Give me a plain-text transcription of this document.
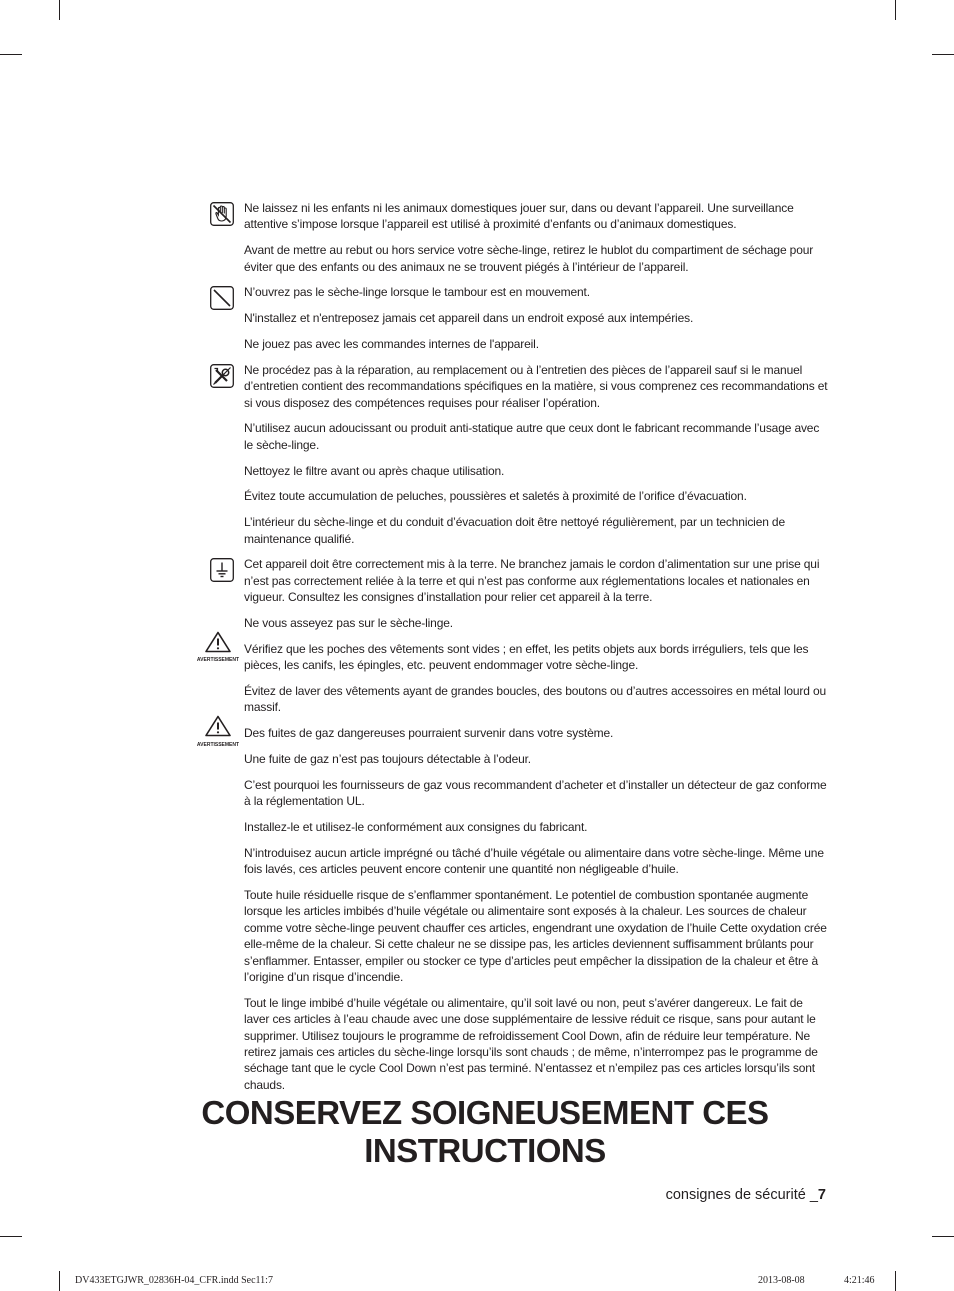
Ne laissez ni les enfants ni les animaux domestiques jouer sur, dans ou devant l’appareil. Une surveillance attentive s’impose lorsque l’appareil est utilisé à proximité d’enfants ou d’animaux domestiques.
Avant de mettre au rebut ou hors service votre sèche-linge, retirez le hublot du compartiment de séchage pour éviter que des enfants ou des animaux ne se trouvent piégés à l’intérieur de l’appareil.
N’ouvrez pas le sèche-linge lorsque le tambour est en mouvement.
N'installez et n'entreposez jamais cet appareil dans un endroit exposé aux intempéries.
Ne jouez pas avec les commandes internes de l'appareil.
Ne procédez pas à la réparation, au remplacement ou à l’entretien des pièces de l’appareil sauf si le manuel d’entretien contient des recommandations spécifiques en la matière, si vous comprenez ces recommandations et si vous disposez des compétences requises pour réaliser l’opération.
N’utilisez aucun adoucissant ou produit anti-statique autre que ceux dont le fabricant recommande l’usage avec le sèche-linge.
Nettoyez le filtre avant ou après chaque utilisation.
Évitez toute accumulation de peluches, poussières et saletés à proximité de l’orifice d’évacuation.
L’intérieur du sèche-linge et du conduit d’évacuation doit être nettoyé régulièrement, par un technicien de maintenance qualifié.
Cet appareil doit être correctement mis à la terre. Ne branchez jamais le cordon d’alimentation sur une prise qui n’est pas correctement reliée à la terre et qui n’est pas conforme aux réglementations locales et nationales en vigueur. Consultez les consignes d’installation pour relier cet appareil à la terre.
Ne vous asseyez pas sur le sèche-linge.
AVERTISSEMENT
Vérifiez que les poches des vêtements sont vides ; en effet, les petits objets aux bords irréguliers, tels que les pièces, les canifs, les épingles, etc. peuvent endommager votre sèche-linge.
Évitez de laver des vêtements ayant de grandes boucles, des boutons ou d’autres accessoires en métal lourd ou massif.
AVERTISSEMENT
Des fuites de gaz dangereuses pourraient survenir dans votre système.
Une fuite de gaz n’est pas toujours détectable à l’odeur.
C’est pourquoi les fournisseurs de gaz vous recommandent d’acheter et d’installer un détecteur de gaz conforme à la réglementation UL.
Installez-le et utilisez-le conformément aux consignes du fabricant.
N’introduisez aucun article imprégné ou tâché d’huile végétale ou alimentaire dans votre sèche-linge. Même une fois lavés, ces articles peuvent encore contenir une quantité non négligeable d’huile.
Toute huile résiduelle risque de s’enflammer spontanément. Le potentiel de combustion spontanée augmente lorsque les articles imbibés d’huile végétale ou alimentaire sont exposés à la chaleur. Les sources de chaleur comme votre sèche-linge peuvent chauffer ces articles, engendrant une oxydation de l’huile Cette oxydation crée elle-même de la chaleur. Si cette chaleur ne se dissipe pas, les articles deviennent suffisamment brûlants pour s’enflammer. Entasser, empiler ou stocker ce type d’articles peut empêcher la dissipation de la chaleur et être à l’origine d’un risque d’incendie.
Tout le linge imbibé d’huile végétale ou alimentaire, qu’il soit lavé ou non, peut s’avérer dangereux. Le fait de laver ces articles à l’eau chaude avec une dose supplémentaire de lessive réduit ce risque, sans pour autant le supprimer. Utilisez toujours le programme de refroidissement Cool Down, afin de réduire leur température. Ne retirez jamais ces articles du sèche-linge lorsqu’ils sont chauds ; de même, n’interrompez pas le programme de séchage tant que le cycle Cool Down n’est pas terminé. N’entassez et n’empilez pas ces articles lorsqu’ils sont chauds.
CONSERVEZ SOIGNEUSEMENT CES
INSTRUCTIONS
consignes de sécurité _7
DV433ETGJWR_02836H-04_CFR.indd Sec11:7	2013-08-08	4:21:46
